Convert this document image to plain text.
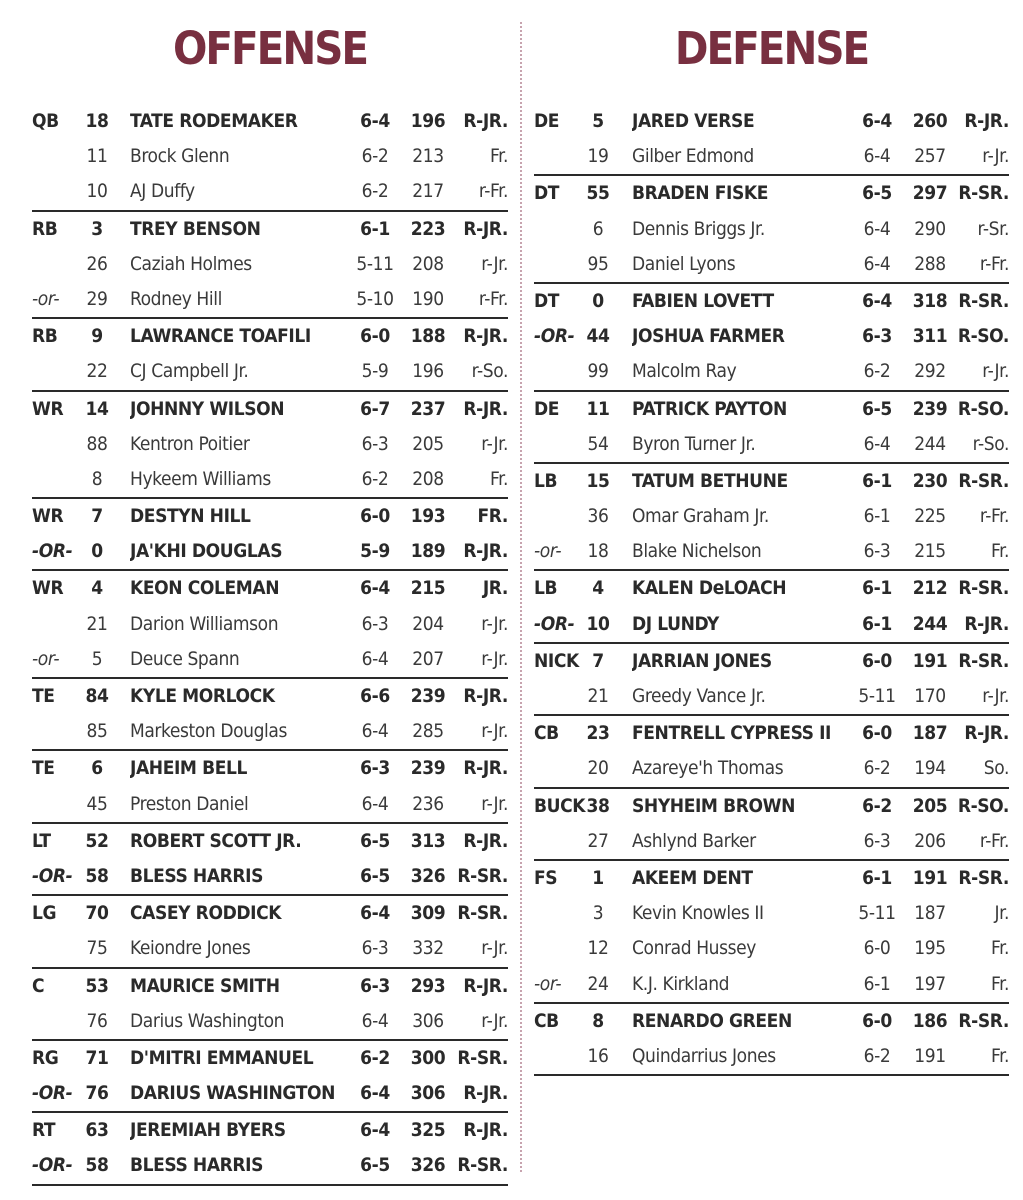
OFFENSE
QB	18	TATE RODEMAKER	6-4	196 R-JR.
11	Brock Glenn	6-2	213	Fr.
10	AJ Duffy	6-2	217	r-Fr.
RB	3	TREY BENSON	6-1	223 R-JR.
26	Caziah Holmes	5-11 208	r-Jr.
-or-	29	Rodney Hill	5-10 190	r-Fr.
RB	9	LAWRANCE TOAFILI	6-0	188 R-JR.
22	CJ Campbell Jr.	5-9	196	r-So.
WR	14	JOHNNY WILSON	6-7	237 R-JR.
88	Kentron Poitier	6-3	205	r-Jr.
8	Hykeem Williams	6-2	208	Fr.
WR	7	DESTYN HILL	6-0	193 FR.
-OR- 0	JA'KHI DOUGLAS	5-9	189 R-JR.
WR	4	KEON COLEMAN	6-4	215 JR.
21	Darion Williamson	6-3	204	r-Jr.
-or-	5	Deuce Spann	6-4	207	r-Jr.
TE	84	KYLE MORLOCK	6-6	239 R-JR.
85	Markeston Douglas	6-4	285	r-Jr.
TE	6	JAHEIM BELL	6-3	239 R-JR.
45	Preston Daniel	6-4	236	r-Jr.
LT	52	ROBERT SCOTT JR.	6-5	313 R-JR.
-OR- 58	BLESS HARRIS	6-5	326 R-SR.
LG	70	CASEY RODDICK	6-4	309 R-SR.
75	Keiondre Jones	6-3	332	r-Jr.
C	53	MAURICE SMITH	6-3	293 R-JR.
76	Darius Washington	6-4	306	r-Jr.
RG	71	D'MITRI EMMANUEL	6-2	300 R-SR.
-OR- 76	DARIUS WASHINGTON	6-4	306 R-JR.
RT	63	JEREMIAH BYERS	6-4	325 R-JR.
-OR- 58	BLESS HARRIS	6-5	326 R-SR.
DEFENSE
DE	5	JARED VERSE	6-4	260 R-JR.
19	Gilber Edmond	6-4	257	r-Jr.
DT	55	BRADEN FISKE	6-5	297 R-SR.
6	Dennis Briggs Jr.	6-4	290	r-Sr.
95	Daniel Lyons	6-4	288	r-Fr.
DT	0	FABIEN LOVETT	6-4	318 R-SR.
-OR- 44	JOSHUA FARMER	6-3	311 R-SO.
99	Malcolm Ray	6-2	292	r-Jr.
DE	11	PATRICK PAYTON	6-5	239 R-SO.
54	Byron Turner Jr.	6-4	244	r-So.
LB	15	TATUM BETHUNE	6-1	230 R-SR.
36	Omar Graham Jr.	6-1	225	r-Fr.
-or-	18	Blake Nichelson	6-3	215	Fr.
LB	4	KALEN DeLOACH	6-1	212 R-SR.
-OR- 10	DJ LUNDY	6-1	244 R-JR.
NICK 7	JARRIAN JONES	6-0	191 R-SR.
21	Greedy Vance Jr.	5-11 170	r-Jr.
CB	23	FENTRELL CYPRESS II	6-0	187 R-JR.
20	Azareye'h Thomas	6-2	194	So.
BUCK 38	SHYHEIM BROWN	6-2	205 R-SO.
27	Ashlynd Barker	6-3	206	r-Fr.
FS	1	AKEEM DENT	6-1	191 R-SR.
3	Kevin Knowles II	5-11 187	Jr.
12	Conrad Hussey	6-0	195	Fr.
-or-	24	K.J. Kirkland	6-1	197	Fr.
CB	8	RENARDO GREEN	6-0	186 R-SR.
16	Quindarrius Jones	6-2	191	Fr.
